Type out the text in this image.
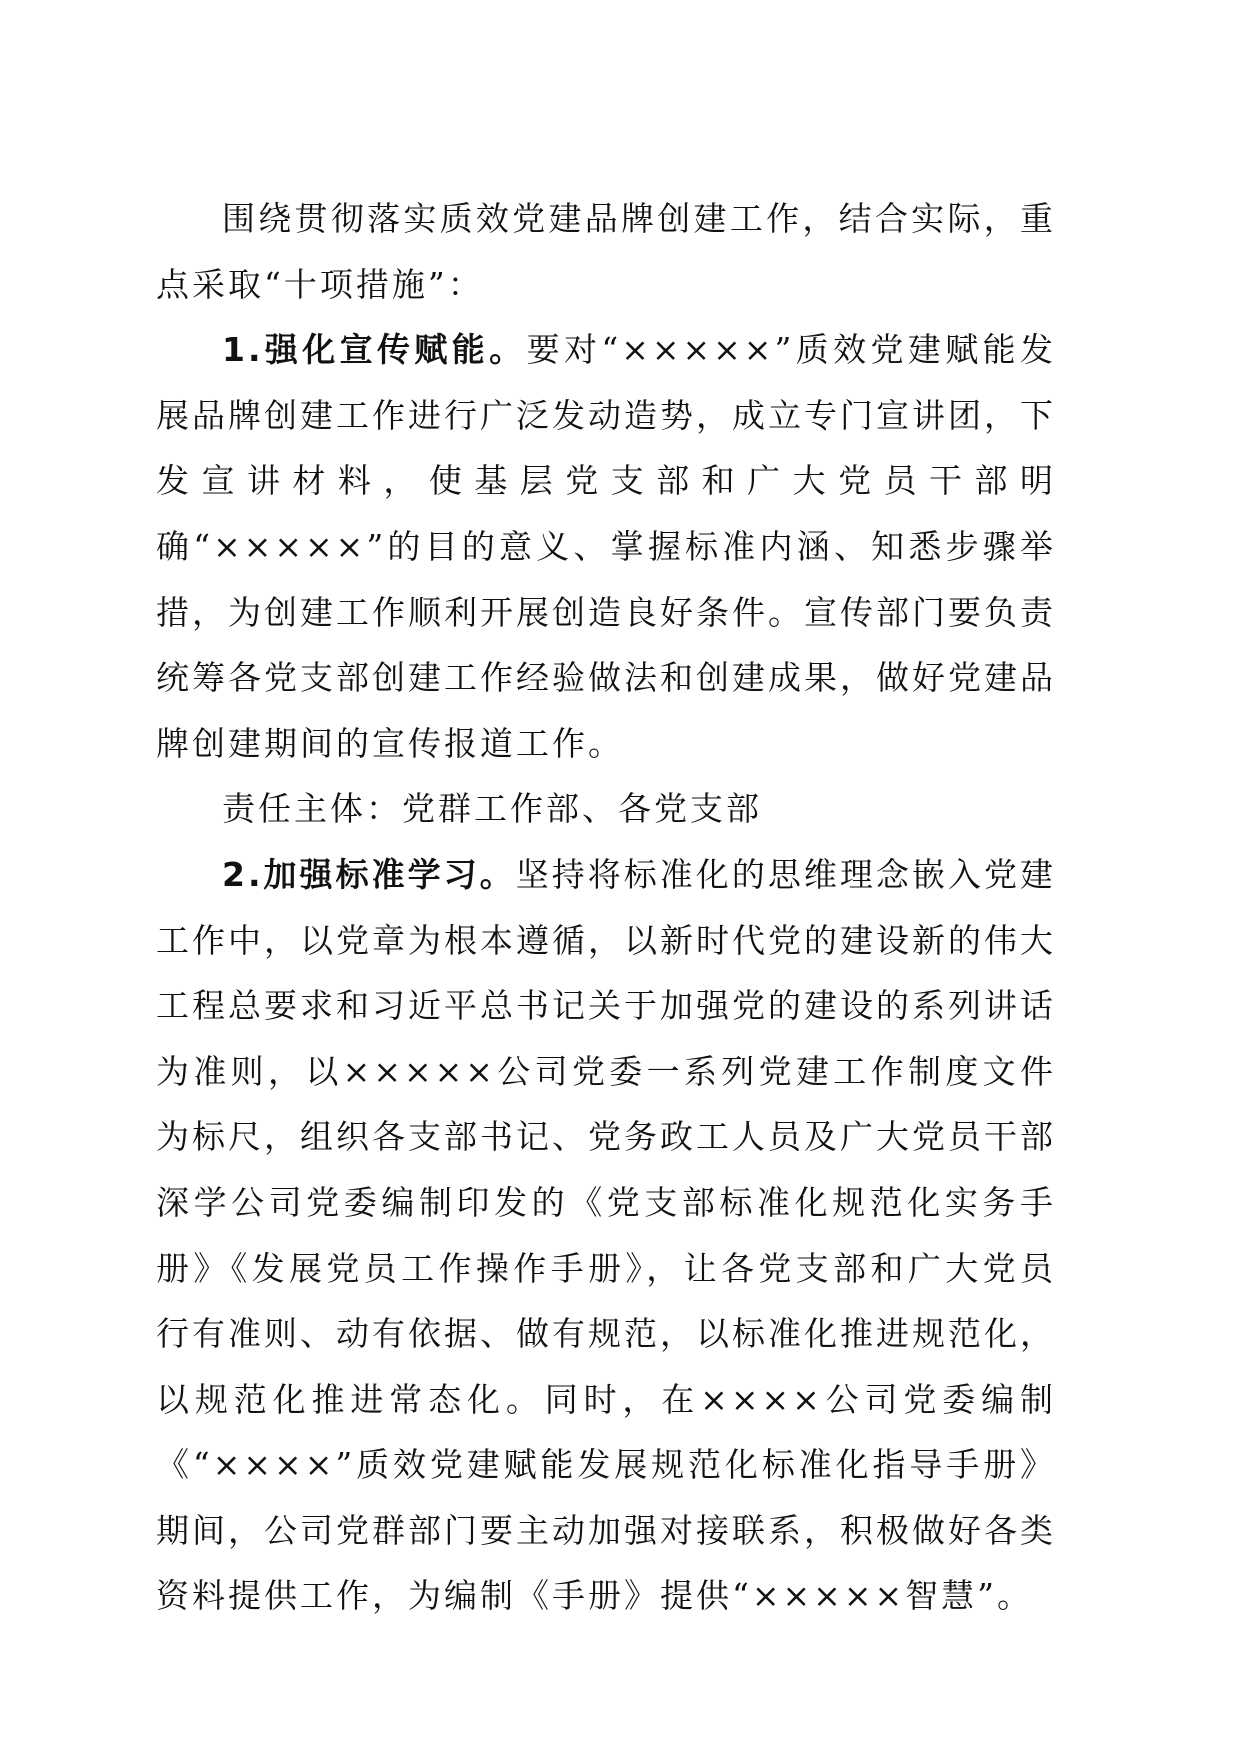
围绕贯彻落实质效党建品牌创建工作，结合实际，重点采取“十项措施”：

1.强化宣传赋能。要对“×××××”质效党建赋能发展品牌创建工作进行广泛发动造势，成立专门宣讲团，下发宣讲材料，使基层党支部和广大党员干部明确“×××××”的目的意义、掌握标准内涵、知悉步骤举措，为创建工作顺利开展创造良好条件。宣传部门要负责统筹各党支部创建工作经验做法和创建成果，做好党建品牌创建期间的宣传报道工作。

责任主体：党群工作部、各党支部

2.加强标准学习。坚持将标准化的思维理念嵌入党建工作中，以党章为根本遵循，以新时代党的建设新的伟大工程总要求和习近平总书记关于加强党的建设的系列讲话为准则，以×××××公司党委一系列党建工作制度文件为标尺，组织各支部书记、党务政工人员及广大党员干部深学公司党委编制印发的《党支部标准化规范化实务手册》《发展党员工作操作手册》，让各党支部和广大党员行有准则、动有依据、做有规范，以标准化推进规范化，以规范化推进常态化。同时，在××××公司党委编制《“××××”质效党建赋能发展规范化标准化指导手册》期间，公司党群部门要主动加强对接联系，积极做好各类资料提供工作，为编制《手册》提供“×××××智慧”。
